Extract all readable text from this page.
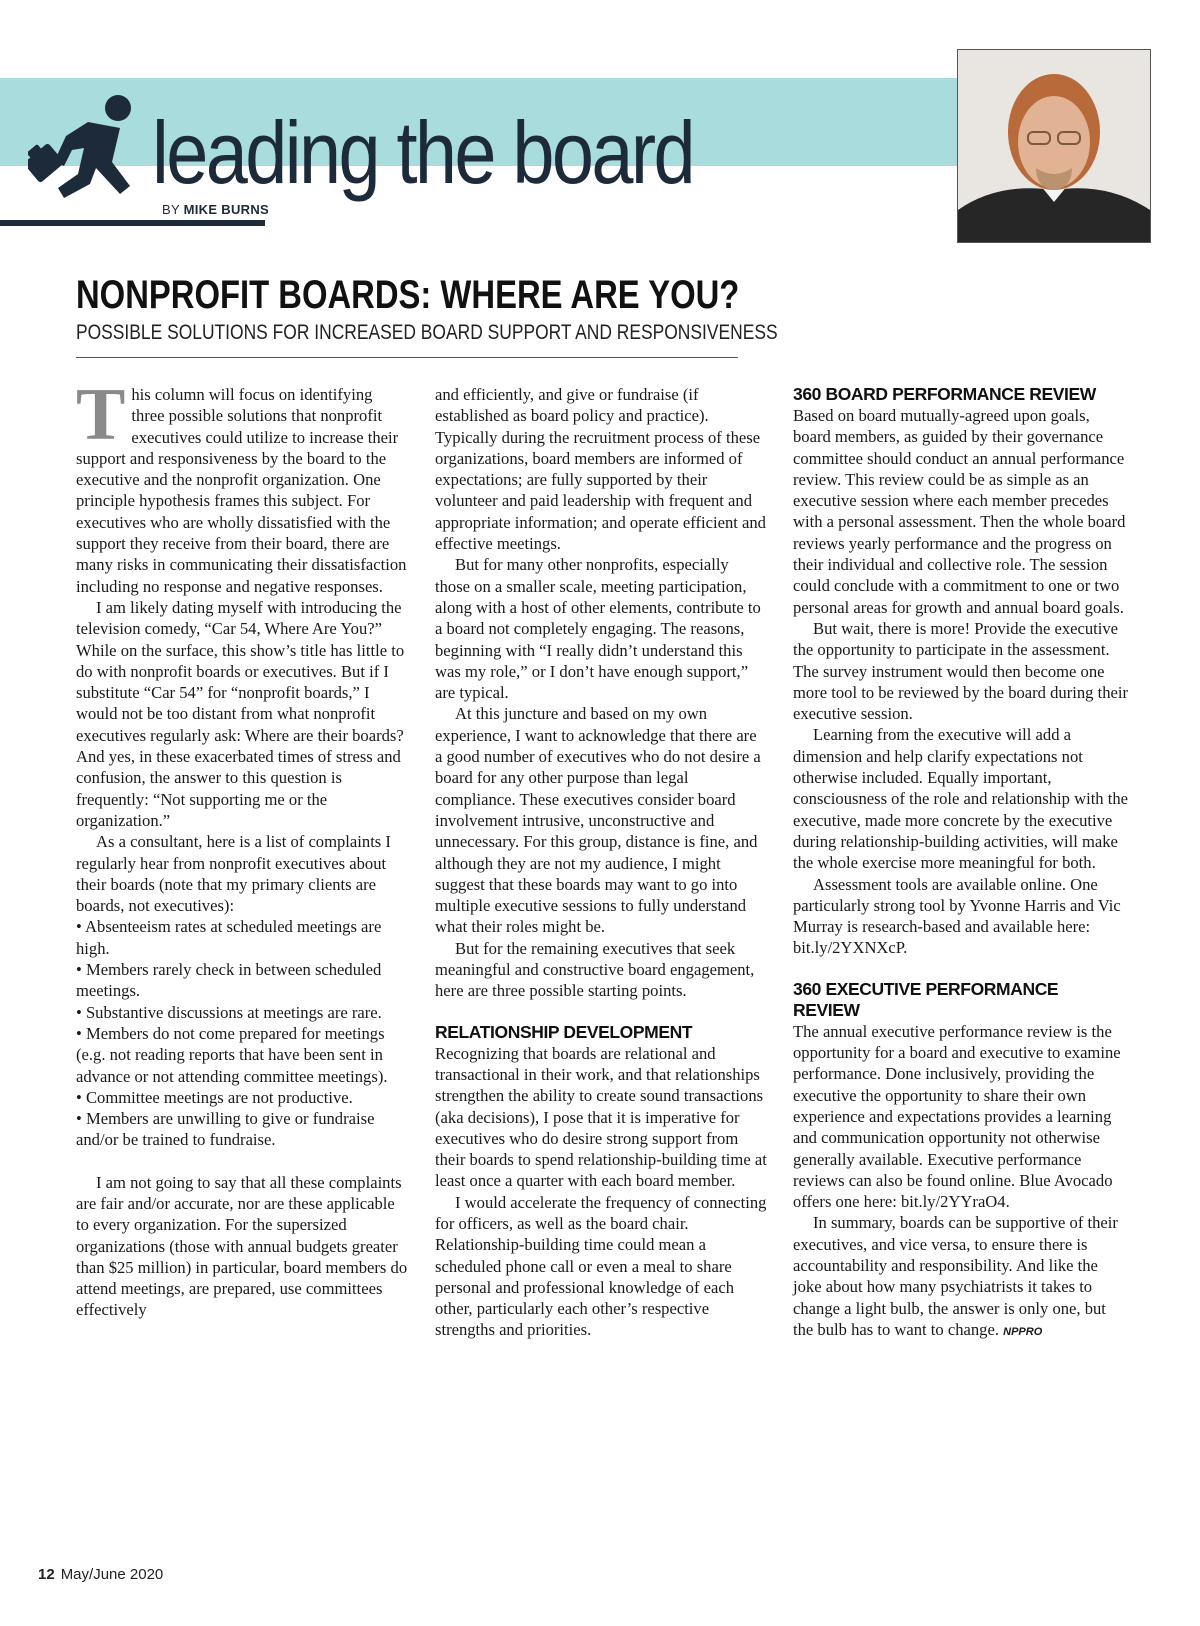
leading the board
BY MIKE BURNS
NONPROFIT BOARDS: WHERE ARE YOU?
POSSIBLE SOLUTIONS FOR INCREASED BOARD SUPPORT AND RESPONSIVENESS

This column will focus on identifying three possible solutions that nonprofit executives could utilize to increase their support and responsiveness by the board to the executive and the nonprofit organization. One principle hypothesis frames this subject. For executives who are wholly dissatisfied with the support they receive from their board, there are many risks in communicating their dissatisfaction including no response and negative responses.

I am likely dating myself with introducing the television comedy, “Car 54, Where Are You?” While on the surface, this show’s title has little to do with nonprofit boards or executives. But if I substitute “Car 54” for “nonprofit boards,” I would not be too distant from what nonprofit executives regularly ask: Where are their boards? And yes, in these exacerbated times of stress and confusion, the answer to this question is frequently: “Not supporting me or the organization.”

As a consultant, here is a list of complaints I regularly hear from nonprofit executives about their boards (note that my primary clients are boards, not executives):

• Absenteeism rates at scheduled meetings are high.

• Members rarely check in between scheduled meetings.

• Substantive discussions at meetings are rare.

• Members do not come prepared for meetings (e.g. not reading reports that have been sent in advance or not attending committee meetings).

• Committee meetings are not productive.

• Members are unwilling to give or fundraise and/or be trained to fundraise.

I am not going to say that all these complaints are fair and/or accurate, nor are these applicable to every organization. For the supersized organizations (those with annual budgets greater than $25 million) in particular, board members do attend meetings, are prepared, use committees effectively

and efficiently, and give or fundraise (if established as board policy and practice). Typically during the recruitment process of these organizations, board members are informed of expectations; are fully supported by their volunteer and paid leadership with frequent and appropriate information; and operate efficient and effective meetings.

But for many other nonprofits, especially those on a smaller scale, meeting participation, along with a host of other elements, contribute to a board not completely engaging. The reasons, beginning with “I really didn’t understand this was my role,” or I don’t have enough support,” are typical.

At this juncture and based on my own experience, I want to acknowledge that there are a good number of executives who do not desire a board for any other purpose than legal compliance. These executives consider board involvement intrusive, unconstructive and unnecessary. For this group, distance is fine, and although they are not my audience, I might suggest that these boards may want to go into multiple executive sessions to fully understand what their roles might be.

But for the remaining executives that seek meaningful and constructive board engagement, here are three possible starting points.

RELATIONSHIP DEVELOPMENT

Recognizing that boards are relational and transactional in their work, and that relationships strengthen the ability to create sound transactions (aka decisions), I pose that it is imperative for executives who do desire strong support from their boards to spend relationship-building time at least once a quarter with each board member.

I would accelerate the frequency of connecting for officers, as well as the board chair. Relationship-building time could mean a scheduled phone call or even a meal to share personal and professional knowledge of each other, particularly each other’s respective strengths and priorities.

360 BOARD PERFORMANCE REVIEW

Based on board mutually-agreed upon goals, board members, as guided by their governance committee should conduct an annual performance review. This review could be as simple as an executive session where each member precedes with a personal assessment. Then the whole board reviews yearly performance and the progress on their individual and collective role. The session could conclude with a commitment to one or two personal areas for growth and annual board goals.

But wait, there is more! Provide the executive the opportunity to participate in the assessment. The survey instrument would then become one more tool to be reviewed by the board during their executive session.

Learning from the executive will add a dimension and help clarify expectations not otherwise included. Equally important, consciousness of the role and relationship with the executive, made more concrete by the executive during relationship-building activities, will make the whole exercise more meaningful for both.

Assessment tools are available online. One particularly strong tool by Yvonne Harris and Vic Murray is research-based and available here: bit.ly/2YXNXcP.

360 EXECUTIVE PERFORMANCE REVIEW

The annual executive performance review is the opportunity for a board and executive to examine performance. Done inclusively, providing the executive the opportunity to share their own experience and expectations provides a learning and communication opportunity not otherwise generally available. Executive performance reviews can also be found online. Blue Avocado offers one here: bit.ly/2YYraO4.

In summary, boards can be supportive of their executives, and vice versa, to ensure there is accountability and responsibility. And like the joke about how many psychiatrists it takes to change a light bulb, the answer is only one, but the bulb has to want to change. NPPRO

12 May/June 2020
